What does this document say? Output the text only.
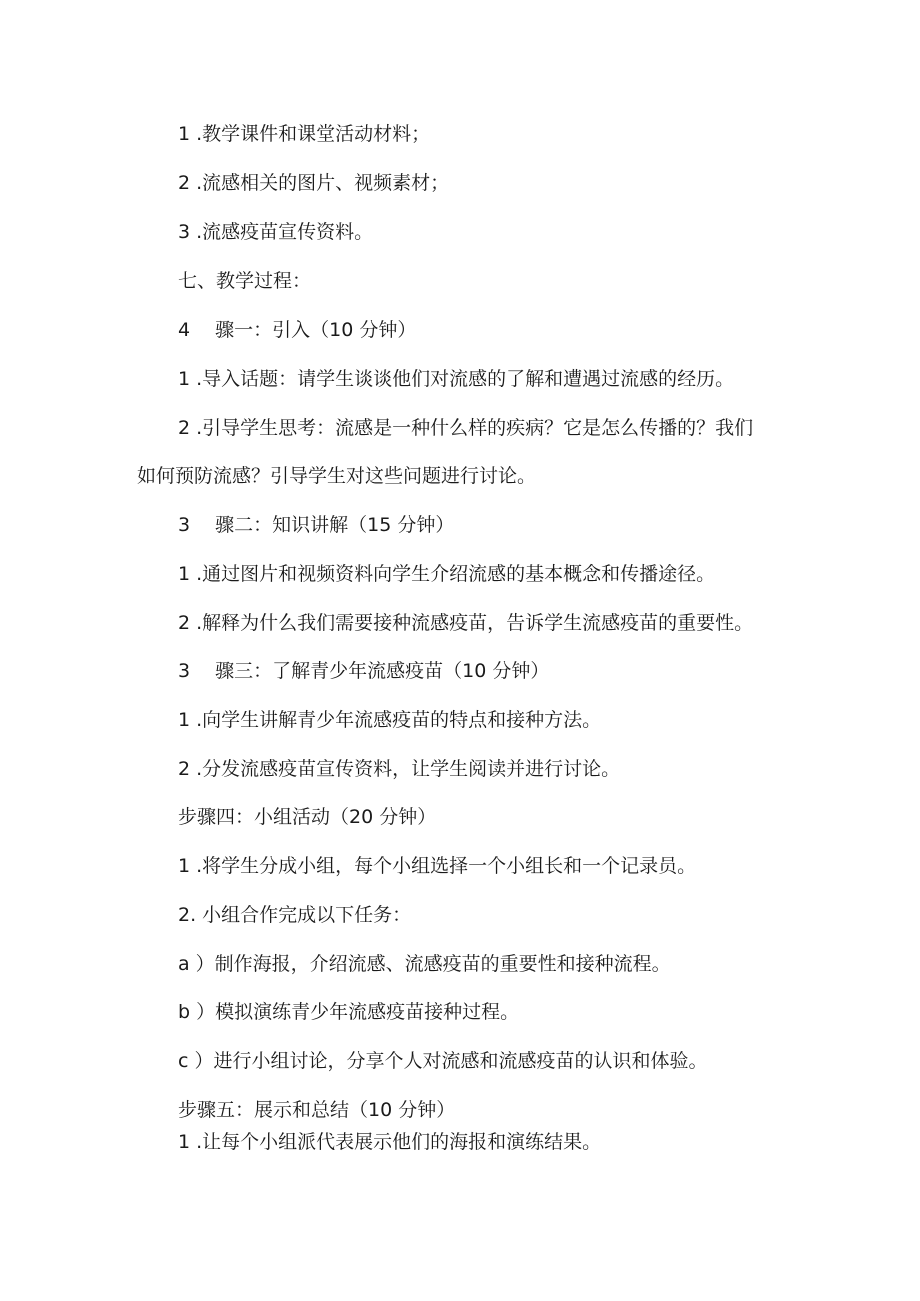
1 .教学课件和课堂活动材料；
2 .流感相关的图片、视频素材；
3 .流感疫苗宣传资料。
七、教学过程：
4　 骤一：引入（10 分钟）
1 .导入话题：请学生谈谈他们对流感的了解和遭遇过流感的经历。
2 .引导学生思考：流感是一种什么样的疾病？它是怎么传播的？我们
如何预防流感？引导学生对这些问题进行讨论。
3　 骤二：知识讲解（15 分钟）
1 .通过图片和视频资料向学生介绍流感的基本概念和传播途径。
2 .解释为什么我们需要接种流感疫苗，告诉学生流感疫苗的重要性。
3　 骤三：了解青少年流感疫苗（10 分钟）
1 .向学生讲解青少年流感疫苗的特点和接种方法。
2 .分发流感疫苗宣传资料，让学生阅读并进行讨论。
步骤四：小组活动（20 分钟）
1 .将学生分成小组，每个小组选择一个小组长和一个记录员。
2. 小组合作完成以下任务：
a ）制作海报，介绍流感、流感疫苗的重要性和接种流程。
b ）模拟演练青少年流感疫苗接种过程。
c ）进行小组讨论，分享个人对流感和流感疫苗的认识和体验。
步骤五：展示和总结（10 分钟）
1 .让每个小组派代表展示他们的海报和演练结果。
